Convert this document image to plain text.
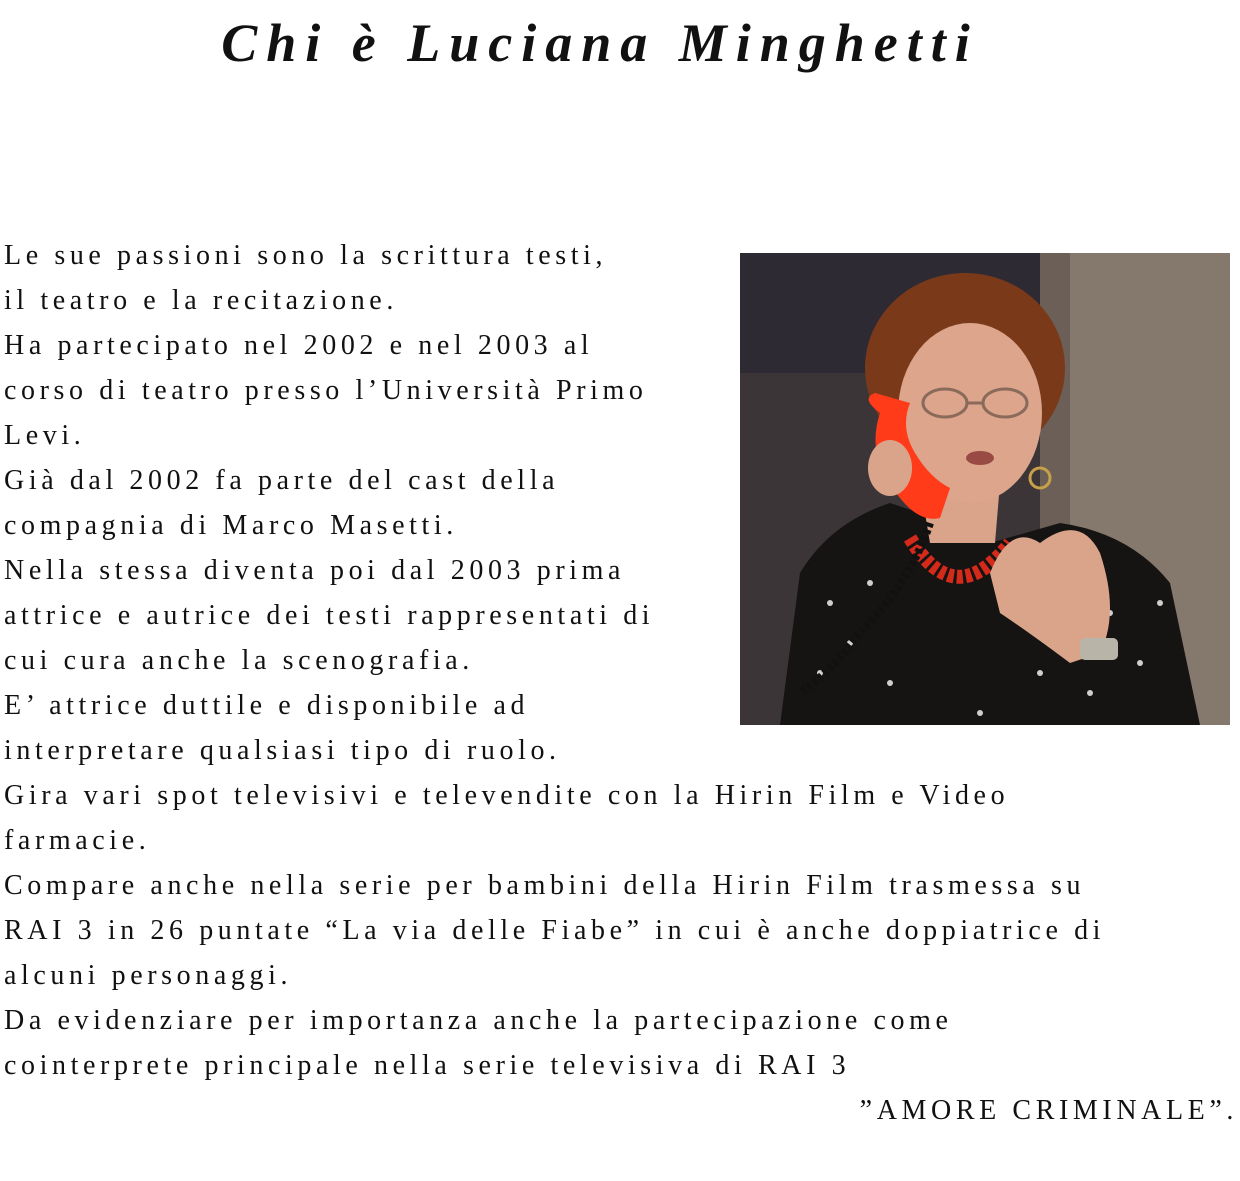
Chi è Luciana Minghetti

Le sue passioni sono la scrittura testi,

il teatro e la recitazione.

Ha partecipato nel 2002 e nel 2003 al

corso di teatro presso l’Università Primo

Levi.

Già dal 2002 fa parte del cast della

compagnia di Marco Masetti.

Nella stessa diventa poi dal 2003 prima

attrice e autrice dei testi rappresentati di

cui cura anche la scenografia.

E’ attrice duttile e disponibile ad

interpretare qualsiasi tipo di ruolo.

Gira vari spot televisivi e televendite con la Hirin Film e Video

farmacie.

Compare anche nella serie per bambini della Hirin Film trasmessa su

RAI 3 in 26 puntate “La via delle Fiabe” in cui è anche doppiatrice di

alcuni personaggi.

Da evidenziare per importanza anche la partecipazione come

cointerprete principale nella serie televisiva di RAI 3

”AMORE CRIMINALE”.
